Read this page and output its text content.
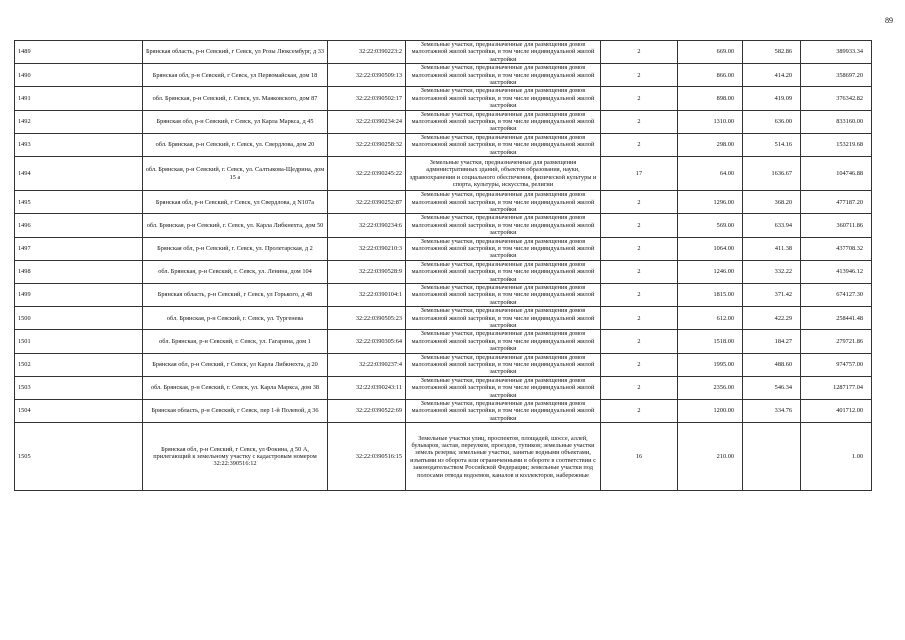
89
1489	Брянская область, р-н Севский, г Севск, ул Розы Люксембург, д 33	32:22:0390223:2	Земельные участки, предназначенные для размещения домов малоэтажной жилой застройки, в том числе индивидуальной жилой застройки	2	669.00	582.86	389933.34
1490	Брянская обл, р-н Севский, г Севск, ул Первомайская, дом 18	32:22:0390509:13	Земельные участки, предназначенные для размещения домов малоэтажной жилой застройки, в том числе индивидуальной жилой застройки	2	866.00	414.20	358697.20
1491	обл. Брянская, р-н Севский, г. Севск, ул. Маяковского, дом 87	32:22:0390502:17	Земельные участки, предназначенные для размещения домов малоэтажной жилой застройки, в том числе индивидуальной жилой застройки	2	898.00	419.09	376342.82
1492	Брянская обл, р-н Севский, г Севск, ул Карла Маркса, д 45	32:22:0390234:24	Земельные участки, предназначенные для размещения домов малоэтажной жилой застройки, в том числе индивидуальной жилой застройки	2	1310.00	636.00	833160.00
1493	обл. Брянская, р-н Севский, г. Севск, ул. Свердлова, дом 20	32:22:0390258:32	Земельные участки, предназначенные для размещения домов малоэтажной жилой застройки, в том числе индивидуальной жилой застройки	2	298.00	514.16	153219.68
1494	обл. Брянская, р-н Севский, г. Севск, ул. Салтыкова-Щедрина, дом 15 а	32:22:0390245:22	Земельные участки, предназначенные для размещения административных зданий, объектов образования, науки, здравоохранения и социального обеспечения, физической культуры и спорта, культуры, искусства, религии	17	64.00	1636.67	104746.88
1495	Брянская обл, р-н Севский, г Севск, ул Свердлова, д N107а	32:22:0390252:87	Земельные участки, предназначенные для размещения домов малоэтажной жилой застройки, в том числе индивидуальной жилой застройки	2	1296.00	368.20	477187.20
1496	обл. Брянская, р-н Севский, г. Севск, ул. Карла Либкнехта, дом 50	32:22:0390234:6	Земельные участки, предназначенные для размещения домов малоэтажной жилой застройки, в том числе индивидуальной жилой застройки	2	569.00	633.94	360711.86
1497	Брянская обл, р-н Севский, г. Севск, ул. Пролетарская, д 2	32:22:0390210:3	Земельные участки, предназначенные для размещения домов малоэтажной жилой застройки, в том числе индивидуальной жилой застройки	2	1064.00	411.38	437708.32
1498	обл. Брянская, р-н Севский, г. Севск, ул. Ленина, дом 104	32:22:0390528:9	Земельные участки, предназначенные для размещения домов малоэтажной жилой застройки, в том числе индивидуальной жилой застройки	2	1246.00	332.22	413946.12
1499	Брянская область, р-н Севский, г Севск, ул Горького, д 48	32:22:0390104:1	Земельные участки, предназначенные для размещения домов малоэтажной жилой застройки, в том числе индивидуальной жилой застройки	2	1815.00	371.42	674127.30
1500	обл. Брянская, р-н Севский, г. Севск, ул. Тургенева	32:22:0390505:23	Земельные участки, предназначенные для размещения домов малоэтажной жилой застройки, в том числе индивидуальной жилой застройки	2	612.00	422.29	258441.48
1501	обл. Брянская, р-н Севский, г. Севск, ул. Гагарина, дом 1	32:22:0390305:64	Земельные участки, предназначенные для размещения домов малоэтажной жилой застройки, в том числе индивидуальной жилой застройки	2	1518.00	184.27	279721.86
1502	Брянская обл, р-н Севский, г Севск, ул Карла Либкнехта, д 20	32:22:0390237:4	Земельные участки, предназначенные для размещения домов малоэтажной жилой застройки, в том числе индивидуальной жилой застройки	2	1995.00	488.60	974757.00
1503	обл. Брянская, р-н Севский, г. Севск, ул. Карла Маркса, дом 38	32:22:0390243:11	Земельные участки, предназначенные для размещения домов малоэтажной жилой застройки, в том числе индивидуальной жилой застройки	2	2356.00	546.34	1287177.04
1504	Брянская область, р-н Севский, г Севск, пер 1-й Полевой, д 36	32:22:0390522:69	Земельные участки, предназначенные для размещения домов малоэтажной жилой застройки, в том числе индивидуальной жилой застройки	2	1200.00	334.76	401712.00
1505	Брянская обл, р-н Севский, г Севск, ул Фокина, д 50 А, прилегающий к земельному участку с кадастровым номером 32:22:390516:12	32:22:0390516:15	Земельные участки улиц, проспектов, площадей, шоссе, аллей, бульваров, застав, переулков, проездов, тупиков; земельные участки земель резерва; земельные участки, занятые водными объектами, изъятыми из оборота или ограниченными в обороте в соответствии с законодательством Российской Федерации; земельные участки под полосами отвода водоемов, каналов и коллекторов, набережные	16	210.00		1.00
